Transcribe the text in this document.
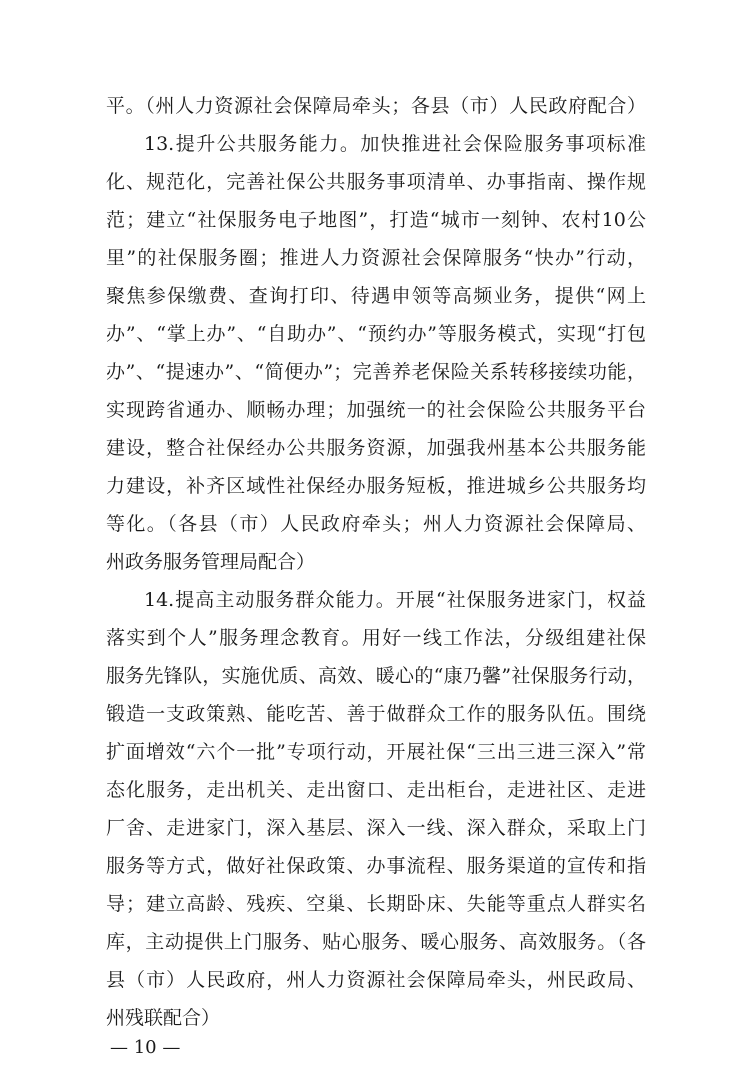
平。（州人力资源社会保障局牵头；各县（市）人民政府配合）
13.提升公共服务能力。加快推进社会保险服务事项标准
化、规范化，完善社保公共服务事项清单、办事指南、操作规
范；建立“社保服务电子地图”，打造“城市一刻钟、农村10公
里”的社保服务圈；推进人力资源社会保障服务“快办”行动，
聚焦参保缴费、查询打印、待遇申领等高频业务，提供“网上
办”、“掌上办”、“自助办”、“预约办”等服务模式，实现“打包
办”、“提速办”、“简便办”；完善养老保险关系转移接续功能，
实现跨省通办、顺畅办理；加强统一的社会保险公共服务平台
建设，整合社保经办公共服务资源，加强我州基本公共服务能
力建设，补齐区域性社保经办服务短板，推进城乡公共服务均
等化。（各县（市）人民政府牵头；州人力资源社会保障局、
州政务服务管理局配合）
14.提高主动服务群众能力。开展“社保服务进家门，权益
落实到个人”服务理念教育。用好一线工作法，分级组建社保
服务先锋队，实施优质、高效、暖心的“康乃馨”社保服务行动，
锻造一支政策熟、能吃苦、善于做群众工作的服务队伍。围绕
扩面增效“六个一批”专项行动，开展社保“三出三进三深入”常
态化服务，走出机关、走出窗口、走出柜台，走进社区、走进
厂舍、走进家门，深入基层、深入一线、深入群众，采取上门
服务等方式，做好社保政策、办事流程、服务渠道的宣传和指
导；建立高龄、残疾、空巢、长期卧床、失能等重点人群实名
库，主动提供上门服务、贴心服务、暖心服务、高效服务。（各
县（市）人民政府，州人力资源社会保障局牵头，州民政局、
州残联配合）
— 10 —
